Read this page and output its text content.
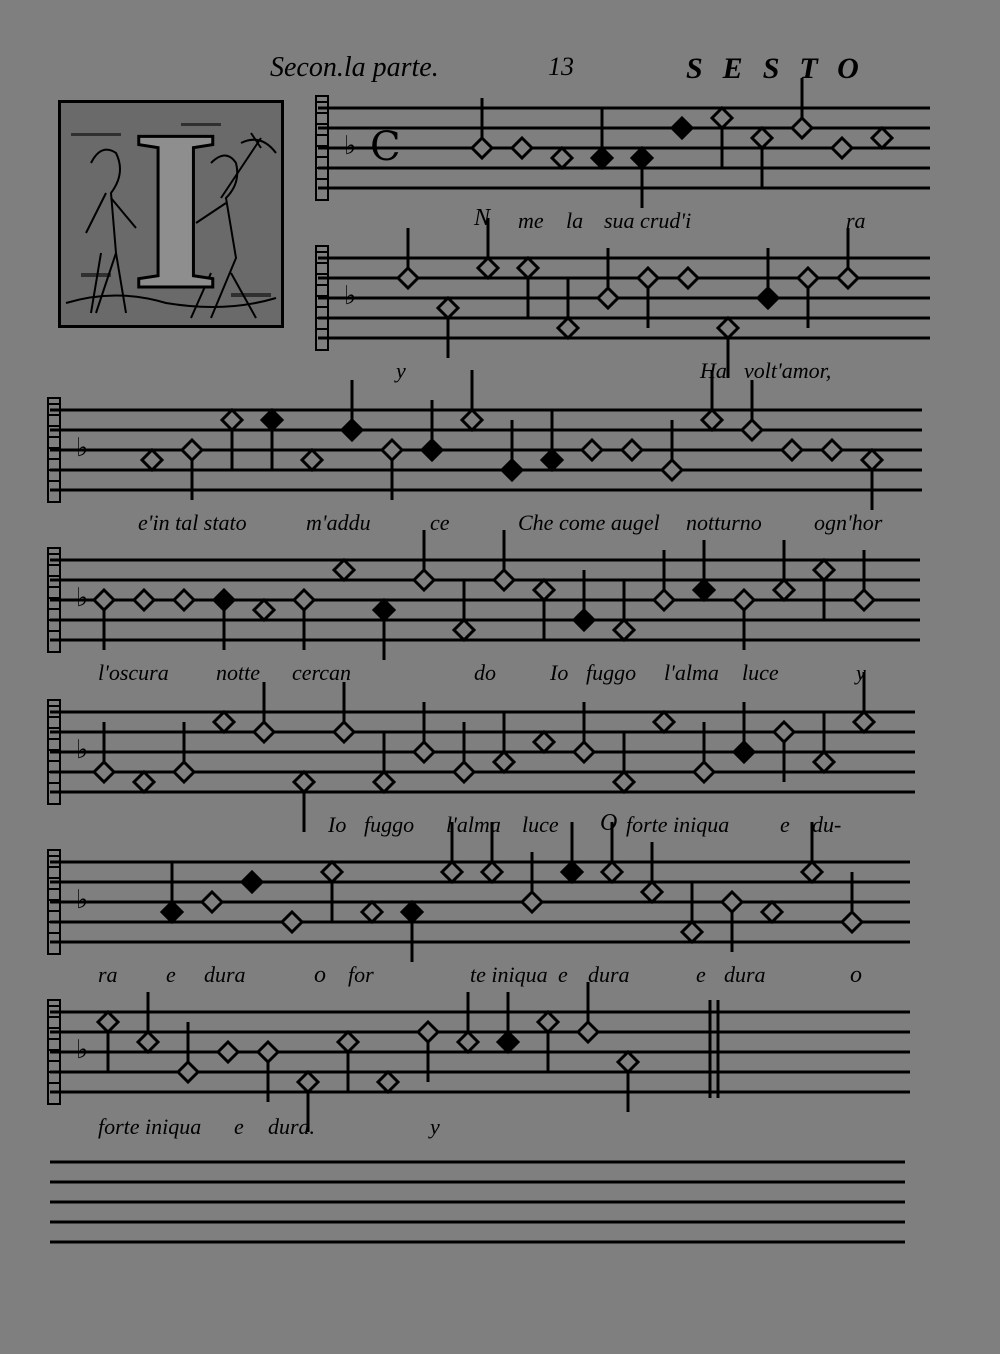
Secon.la parte.	13	SESTO
I	♭
♭
♭
♭
♭
♭
♭
C
N me la sua crud'i	ra
y	Ha volt'amor,
e'in tal stato	m'addu	ce	Che come augel notturno ogn'hor
l'oscura notte cercan	do Io fuggo l'alma luce	y
Io fuggo l'alma luce O forte iniqua e du-
ra e dura	o for	te iniqua e dura	e dura	o
forte iniqua e dura.	y
